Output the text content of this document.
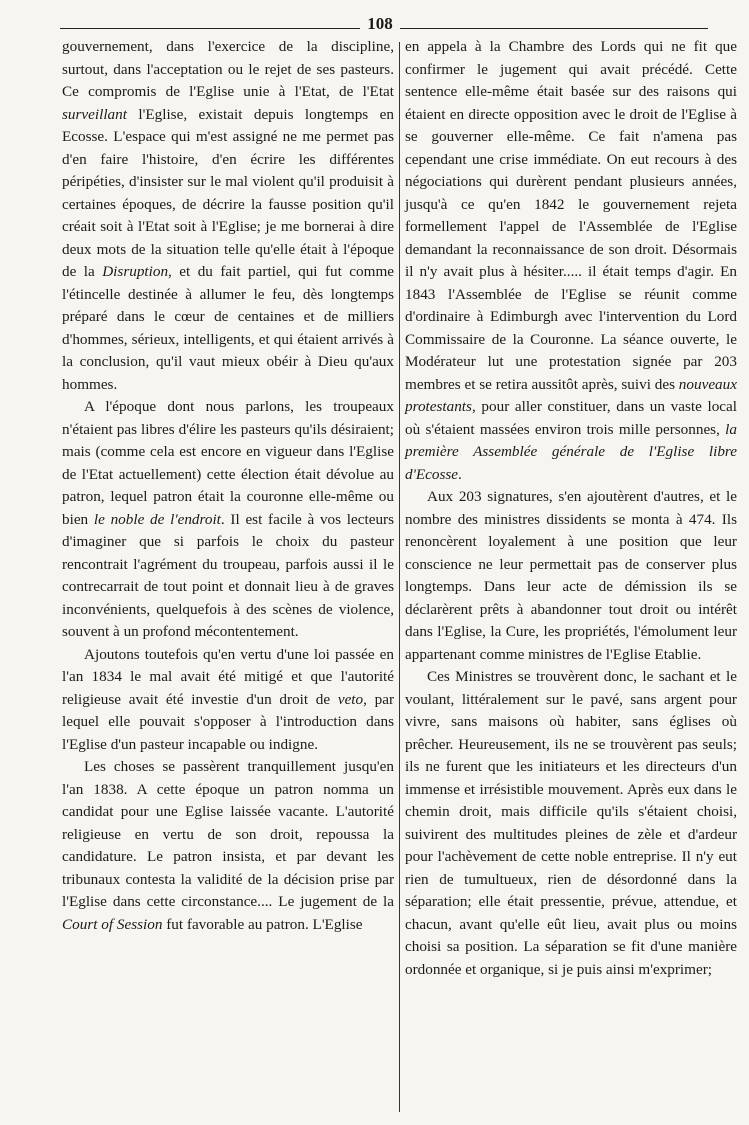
108

gouvernement, dans l'exercice de la discipline, surtout, dans l'acceptation ou le rejet de ses pasteurs. Ce compromis de l'Eglise unie à l'Etat, de l'Etat surveillant l'Eglise, existait depuis longtemps en Ecosse. L'espace qui m'est assigné ne me permet pas d'en faire l'histoire, d'en écrire les différentes péripéties, d'insister sur le mal violent qu'il produisit à certaines époques, de décrire la fausse position qu'il créait soit à l'Etat soit à l'Eglise; je me bornerai à dire deux mots de la situation telle qu'elle était à l'époque de la Disruption, et du fait partiel, qui fut comme l'étincelle destinée à allumer le feu, dès longtemps préparé dans le cœur de centaines et de milliers d'hommes, sérieux, intelligents, et qui étaient arrivés à la conclusion, qu'il vaut mieux obéir à Dieu qu'aux hommes.

A l'époque dont nous parlons, les troupeaux n'étaient pas libres d'élire les pasteurs qu'ils désiraient; mais (comme cela est encore en vigueur dans l'Eglise de l'Etat actuellement) cette élection était dévolue au patron, lequel patron était la couronne elle-même ou bien le noble de l'endroit. Il est facile à vos lecteurs d'imaginer que si parfois le choix du pasteur rencontrait l'agrément du troupeau, parfois aussi il le contrecarrait de tout point et donnait lieu à de graves inconvénients, quelquefois à des scènes de violence, souvent à un profond mécontentement.

Ajoutons toutefois qu'en vertu d'une loi passée en l'an 1834 le mal avait été mitigé et que l'autorité religieuse avait été investie d'un droit de veto, par lequel elle pouvait s'opposer à l'introduction dans l'Eglise d'un pasteur incapable ou indigne.

Les choses se passèrent tranquillement jusqu'en l'an 1838. A cette époque un patron nomma un candidat pour une Eglise laissée vacante. L'autorité religieuse en vertu de son droit, repoussa la candidature. Le patron insista, et par devant les tribunaux contesta la validité de la décision prise par l'Eglise dans cette circonstance.... Le jugement de la Court of Session fut favorable au patron. L'Eglise

en appela à la Chambre des Lords qui ne fit que confirmer le jugement qui avait précédé. Cette sentence elle-même était basée sur des raisons qui étaient en directe opposition avec le droit de l'Eglise à se gouverner elle-même. Ce fait n'amena pas cependant une crise immédiate. On eut recours à des négociations qui durèrent pendant plusieurs années, jusqu'à ce qu'en 1842 le gouvernement rejeta formellement l'appel de l'Assemblée de l'Eglise demandant la reconnaissance de son droit. Désormais il n'y avait plus à hésiter..... il était temps d'agir. En 1843 l'Assemblée de l'Eglise se réunit comme d'ordinaire à Edimburgh avec l'intervention du Lord Commissaire de la Couronne. La séance ouverte, le Modérateur lut une protestation signée par 203 membres et se retira aussitôt après, suivi des nouveaux protestants, pour aller constituer, dans un vaste local où s'étaient massées environ trois mille personnes, la première Assemblée générale de l'Eglise libre d'Ecosse.

Aux 203 signatures, s'en ajoutèrent d'autres, et le nombre des ministres dissidents se monta à 474. Ils renoncèrent loyalement à une position que leur conscience ne leur permettait pas de conserver plus longtemps. Dans leur acte de démission ils se déclarèrent prêts à abandonner tout droit ou intérêt dans l'Eglise, la Cure, les propriétés, l'émolument leur appartenant comme ministres de l'Eglise Etablie.

Ces Ministres se trouvèrent donc, le sachant et le voulant, littéralement sur le pavé, sans argent pour vivre, sans maisons où habiter, sans églises où prêcher. Heureusement, ils ne se trouvèrent pas seuls; ils ne furent que les initiateurs et les directeurs d'un immense et irrésistible mouvement. Après eux dans le chemin droit, mais difficile qu'ils s'étaient choisi, suivirent des multitudes pleines de zèle et d'ardeur pour l'achèvement de cette noble entreprise. Il n'y eut rien de tumultueux, rien de désordonné dans la séparation; elle était pressentie, prévue, attendue, et chacun, avant qu'elle eût lieu, avait plus ou moins choisi sa position. La séparation se fit d'une manière ordonnée et organique, si je puis ainsi m'exprimer;
